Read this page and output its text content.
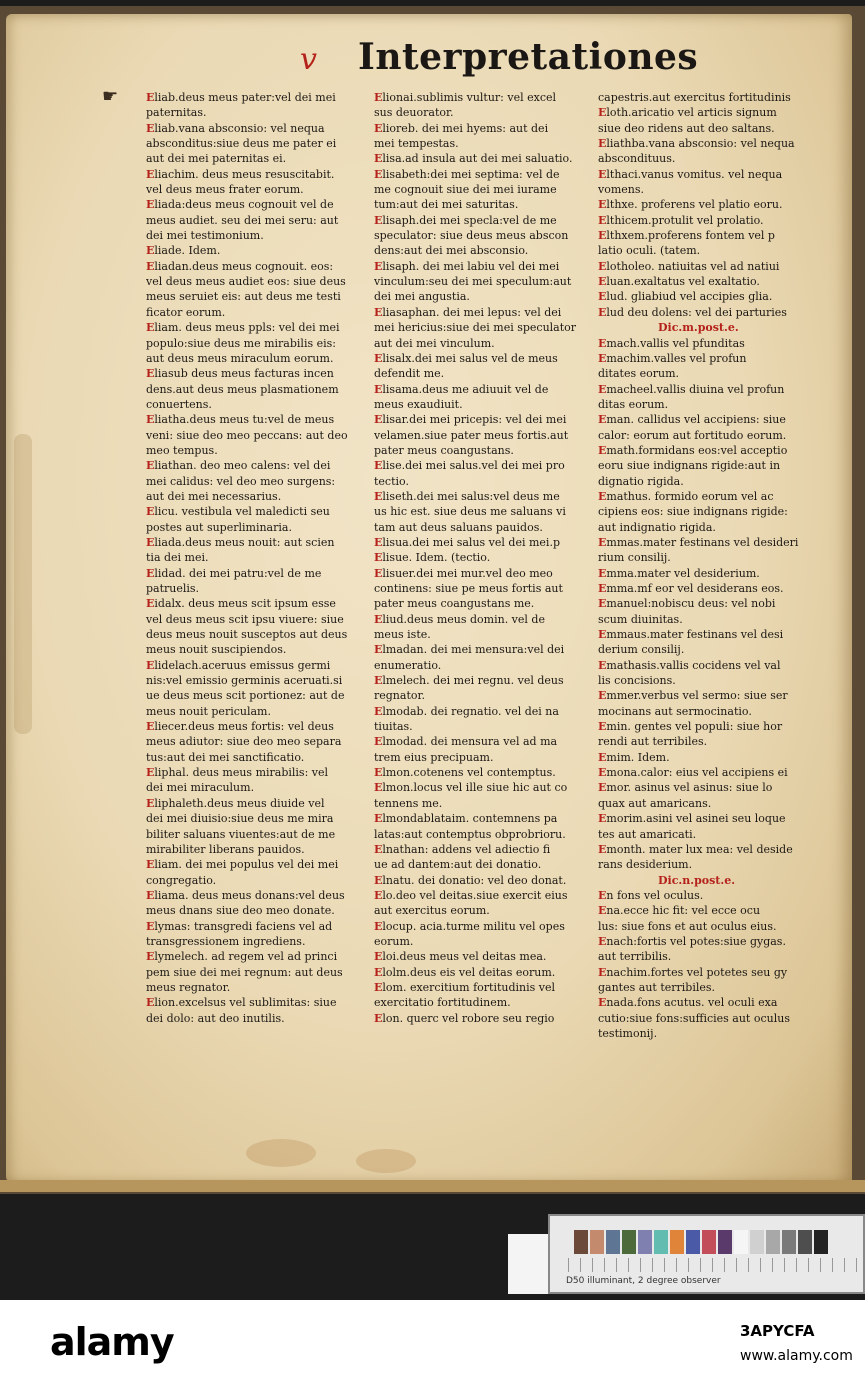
v Interpretationes
☛	Eliab.deus meus pater:vel dei mei
paternitas.
Eliab.vana absconsio: vel nequa
absconditus:siue deus me pater ei
aut dei mei paternitas ei.
Eliachim. deus meus resuscitabit.
vel deus meus frater eorum.
Eliada:deus meus cognouit vel de
meus audiet. seu dei mei seru: aut
dei mei testimonium.
Eliade. Idem.
Eliadan.deus meus cognouit. eos:
vel deus meus audiet eos: siue deus
meus seruiet eis: aut deus me testi
ficator eorum.
Eliam. deus meus ppls: vel dei mei
populo:siue deus me mirabilis eis:
aut deus meus miraculum eorum.
Eliasub deus meus facturas incen
dens.aut deus meus plasmationem
conuertens.
Eliatha.deus meus tu:vel de meus
veni: siue deo meo peccans: aut deo
meo tempus.
Eliathan. deo meo calens: vel dei
mei calidus: vel deo meo surgens:
aut dei mei necessarius.
Elicu. vestibula vel maledicti seu
postes aut superliminaria.
Eliada.deus meus nouit: aut scien
tia dei mei.
Elidad. dei mei patru:vel de me
patruelis.
Eidalx. deus meus scit ipsum esse
vel deus meus scit ipsu viuere: siue
deus meus nouit susceptos aut deus
meus nouit suscipiendos.
Elidelach.aceruus emissus germi
nis:vel emissio germinis aceruati.si
ue deus meus scit portionez: aut de
meus nouit periculam.
Eliecer.deus meus fortis: vel deus
meus adiutor: siue deo meo separa
tus:aut dei mei sanctificatio.
Eliphal. deus meus mirabilis: vel
dei mei miraculum.
Eliphaleth.deus meus diuide vel
dei mei diuisio:siue deus me mira
biliter saluans viuentes:aut de me
mirabiliter liberans pauidos.
Eliam. dei mei populus vel dei mei
congregatio.
Eliama. deus meus donans:vel deus
meus dnans siue deo meo donate.
Elymas: transgredi faciens vel ad
transgressionem ingrediens.
Elymelech. ad regem vel ad princi
pem siue dei mei regnum: aut deus
meus regnator.
Elion.excelsus vel sublimitas: siue
dei dolo: aut deo inutilis.
Elionai.sublimis vultur: vel excel
sus deuorator.
Elioreb. dei mei hyems: aut dei
mei tempestas.
Elisa.ad insula aut dei mei saluatio.
Elisabeth:dei mei septima: vel de
me cognouit siue dei mei iurame
tum:aut dei mei saturitas.
Elisaph.dei mei specla:vel de me
speculator: siue deus meus abscon
dens:aut dei mei absconsio.
Elisaph. dei mei labiu vel dei mei
vinculum:seu dei mei speculum:aut
dei mei angustia.
Eliasaphan. dei mei lepus: vel dei
mei hericius:siue dei mei speculator
aut dei mei vinculum.
Elisalx.dei mei salus vel de meus
defendit me.
Elisama.deus me adiuuit vel de
meus exaudiuit.
Elisar.dei mei pricepis: vel dei mei
velamen.siue pater meus fortis.aut
pater meus coangustans.
Elise.dei mei salus.vel dei mei pro
tectio.
Eliseth.dei mei salus:vel deus me
us hic est. siue deus me saluans vi
tam aut deus saluans pauidos.
Elisua.dei mei salus vel dei mei.p
Elisue. Idem. (tectio.
Elisuer.dei mei mur.vel deo meo
continens: siue pe meus fortis aut
pater meus coangustans me.
Eliud.deus meus domin. vel de
meus iste.
Elmadan. dei mei mensura:vel dei
enumeratio.
Elmelech. dei mei regnu. vel deus
regnator.
Elmodab. dei regnatio. vel dei na
tiuitas.
Elmodad. dei mensura vel ad ma
trem eius precipuam.
Elmon.cotenens vel contemptus.
Elmon.locus vel ille siue hic aut co
tennens me.
Elmondablataim. contemnens pa
latas:aut contemptus obprobrioru.
Elnathan: addens vel adiectio fi
ue ad dantem:aut dei donatio.
Elnatu. dei donatio: vel deo donat.
Elo.deo vel deitas.siue exercit eius
aut exercitus eorum.
Elocup. acia.turme militu vel opes
eorum.
Eloi.deus meus vel deitas mea.
Elolm.deus eis vel deitas eorum.
Elom. exercitium fortitudinis vel
exercitatio fortitudinem.
Elon. querc vel robore seu regio
capestris.aut exercitus fortitudinis
Eloth.aricatio vel articis signum
siue deo ridens aut deo saltans.
Eliathba.vana absconsio: vel nequa
abscondituus.
Elthaci.vanus vomitus. vel nequa
vomens.
Elthxe. proferens vel platio eoru.
Elthicem.protulit vel prolatio.
Elthxem.proferens fontem vel p
latio oculi. (tatem.
Elotholeo. natiuitas vel ad natiui
Eluan.exaltatus vel exaltatio.
Elud. gliabiud vel accipies glia.
Elud deu dolens: vel dei parturies
Dic.m.post.e.
Emach.vallis vel pfunditas
Emachim.valles vel profun
ditates eorum.
Emacheel.vallis diuina vel profun
ditas eorum.
Eman. callidus vel accipiens: siue
calor: eorum aut fortitudo eorum.
Emath.formidans eos:vel acceptio
eoru siue indignans rigide:aut in
dignatio rigida.
Emathus. formido eorum vel ac
cipiens eos: siue indignans rigide:
aut indignatio rigida.
Emmas.mater festinans vel desideri
rium consilij.
Emma.mater vel desiderium.
Emma.mf eor vel desiderans eos.
Emanuel:nobiscu deus: vel nobi
scum diuinitas.
Emmaus.mater festinans vel desi
derium consilij.
Emathasis.vallis cocidens vel val
lis concisions.
Emmer.verbus vel sermo: siue ser
mocinans aut sermocinatio.
Emin. gentes vel populi: siue hor
rendi aut terribiles.
Emim. Idem.
Emona.calor: eius vel accipiens ei
Emor. asinus vel asinus: siue lo
quax aut amaricans.
Emorim.asini vel asinei seu loque
tes aut amaricati.
Emonth. mater lux mea: vel deside
rans desiderium.
Dic.n.post.e.
En fons vel oculus.
Ena.ecce hic fit: vel ecce ocu
lus: siue fons et aut oculus eius.
Enach:fortis vel potes:siue gygas.
aut terribilis.
Enachim.fortes vel potetes seu gy
gantes aut terribiles.
Enada.fons acutus. vel oculi exa
cutio:siue fons:sufficies aut oculus
testimonij.
D50 illuminant, 2 degree observer
alamy	3APYCFA
www.alamy.com
